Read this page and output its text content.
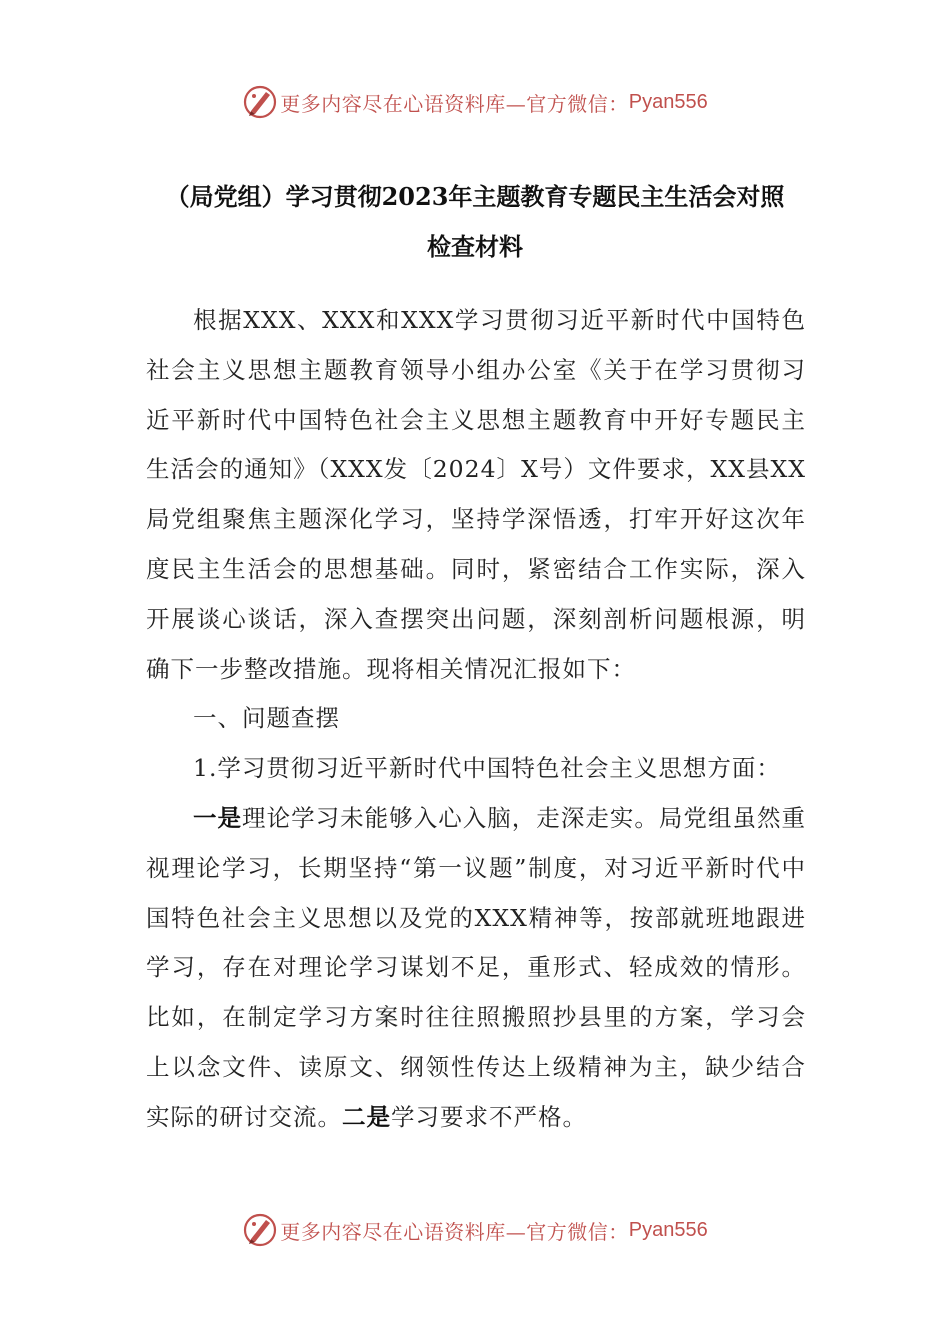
更多内容尽在心语资料库—官方微信： Pyan556
（局党组）学习贯彻2023年主题教育专题民主生活会对照
检查材料

根据XXX、XXX和XXX学习贯彻习近平新时代中国特色社会主义思想主题教育领导小组办公室《关于在学习贯彻习近平新时代中国特色社会主义思想主题教育中开好专题民主生活会的通知》（XXX发〔2024〕X号）文件要求，XX县XX局党组聚焦主题深化学习，坚持学深悟透，打牢开好这次年度民主生活会的思想基础。同时，紧密结合工作实际，深入开展谈心谈话，深入查摆突出问题，深刻剖析问题根源，明确下一步整改措施。现将相关情况汇报如下：

一、问题查摆

1.学习贯彻习近平新时代中国特色社会主义思想方面：

一是理论学习未能够入心入脑，走深走实。局党组虽然重视理论学习，长期坚持“第一议题”制度，对习近平新时代中国特色社会主义思想以及党的XXX精神等，按部就班地跟进学习，存在对理论学习谋划不足，重形式、轻成效的情形。比如，在制定学习方案时往往照搬照抄县里的方案，学习会上以念文件、读原文、纲领性传达上级精神为主，缺少结合实际的研讨交流。二是学习要求不严格。

更多内容尽在心语资料库—官方微信： Pyan556
